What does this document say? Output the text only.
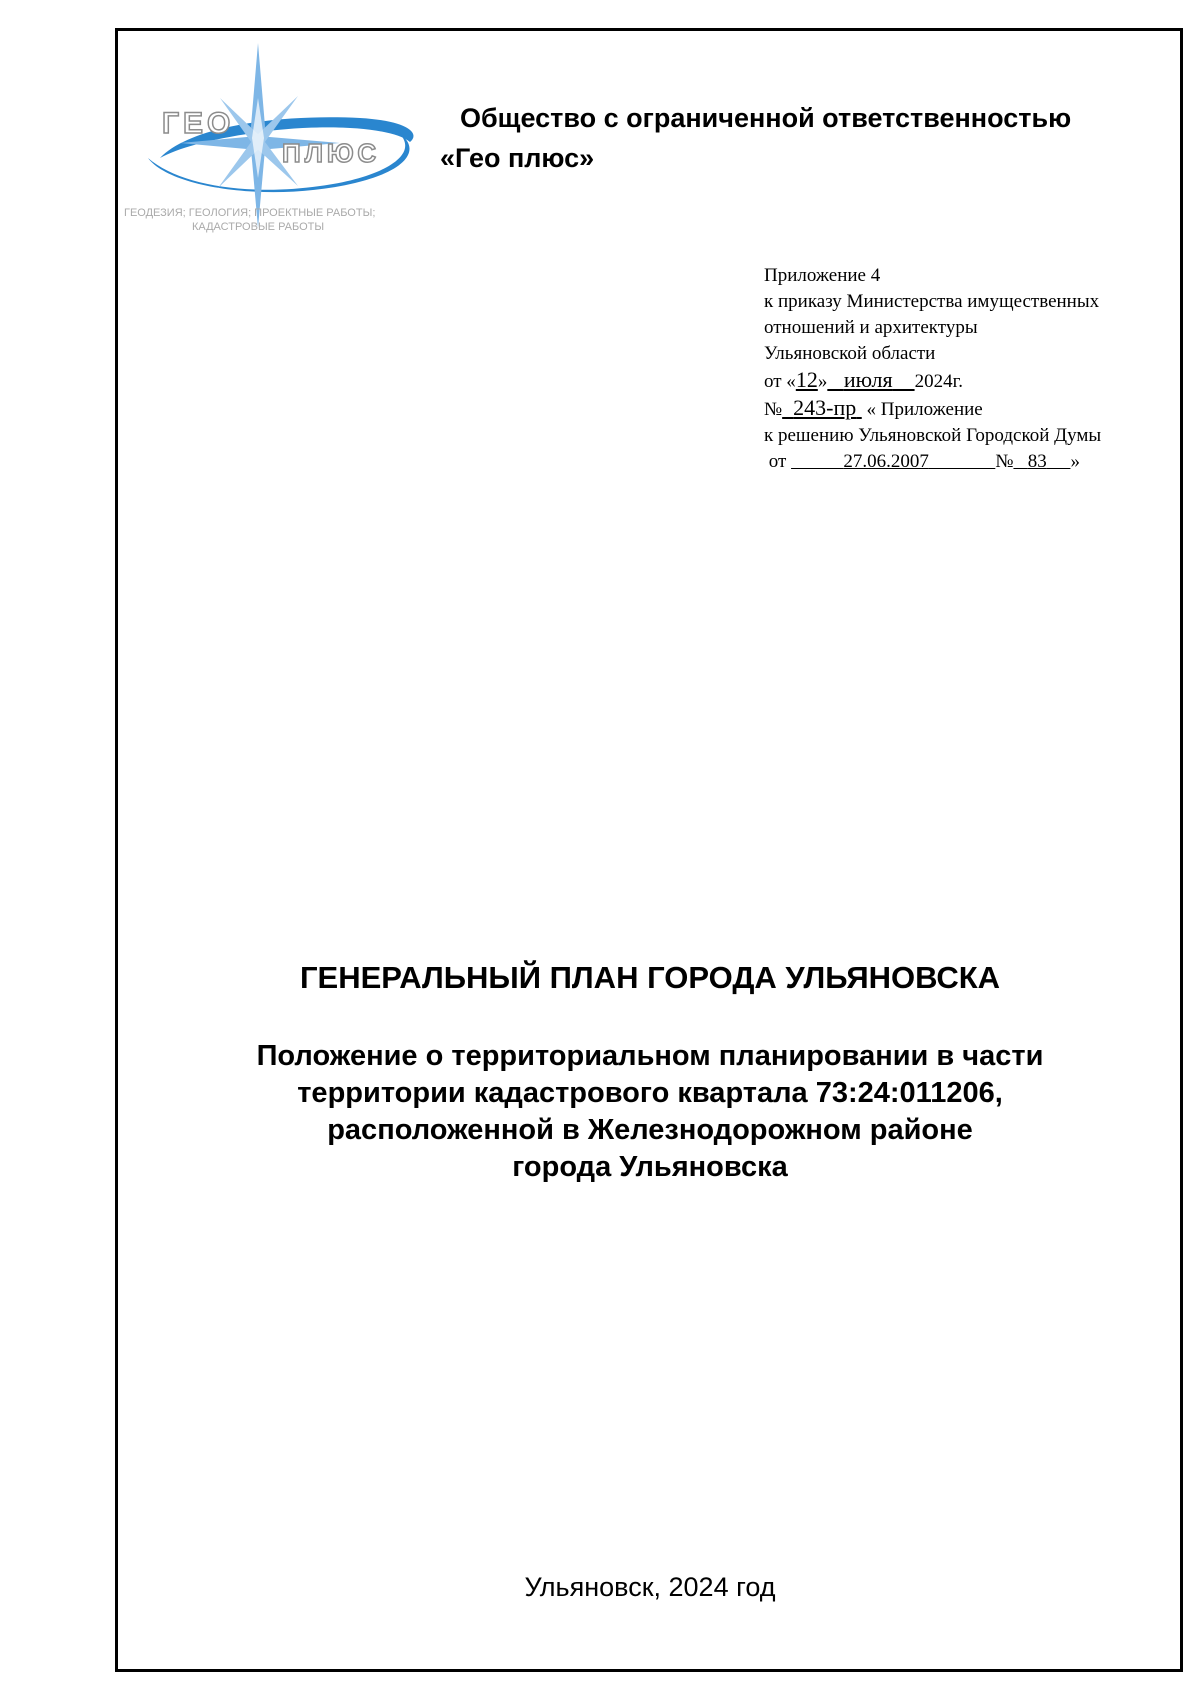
ГЕО
ПЛЮС
ГЕОДЕЗИЯ; ГЕОЛОГИЯ; ПРОЕКТНЫЕ РАБОТЫ;
КАДАСТРОВЫЕ РАБОТЫ
Общество с ограниченной ответственностью
«Гео плюс»
Приложение 4
к приказу Министерства имущественных
отношений и архитектуры
Ульяновской области
от «12» июля 2024г.
№ 243-пр « Приложение
к решению Ульяновской Городской Думы
от	27.06.2007	№ 83 »
ГЕНЕРАЛЬНЫЙ ПЛАН ГОРОДА УЛЬЯНОВСКА
Положение о территориальном планировании в части
территории кадастрового квартала 73:24:011206,
расположенной в Железнодорожном районе
города Ульяновска
Ульяновск, 2024 год
